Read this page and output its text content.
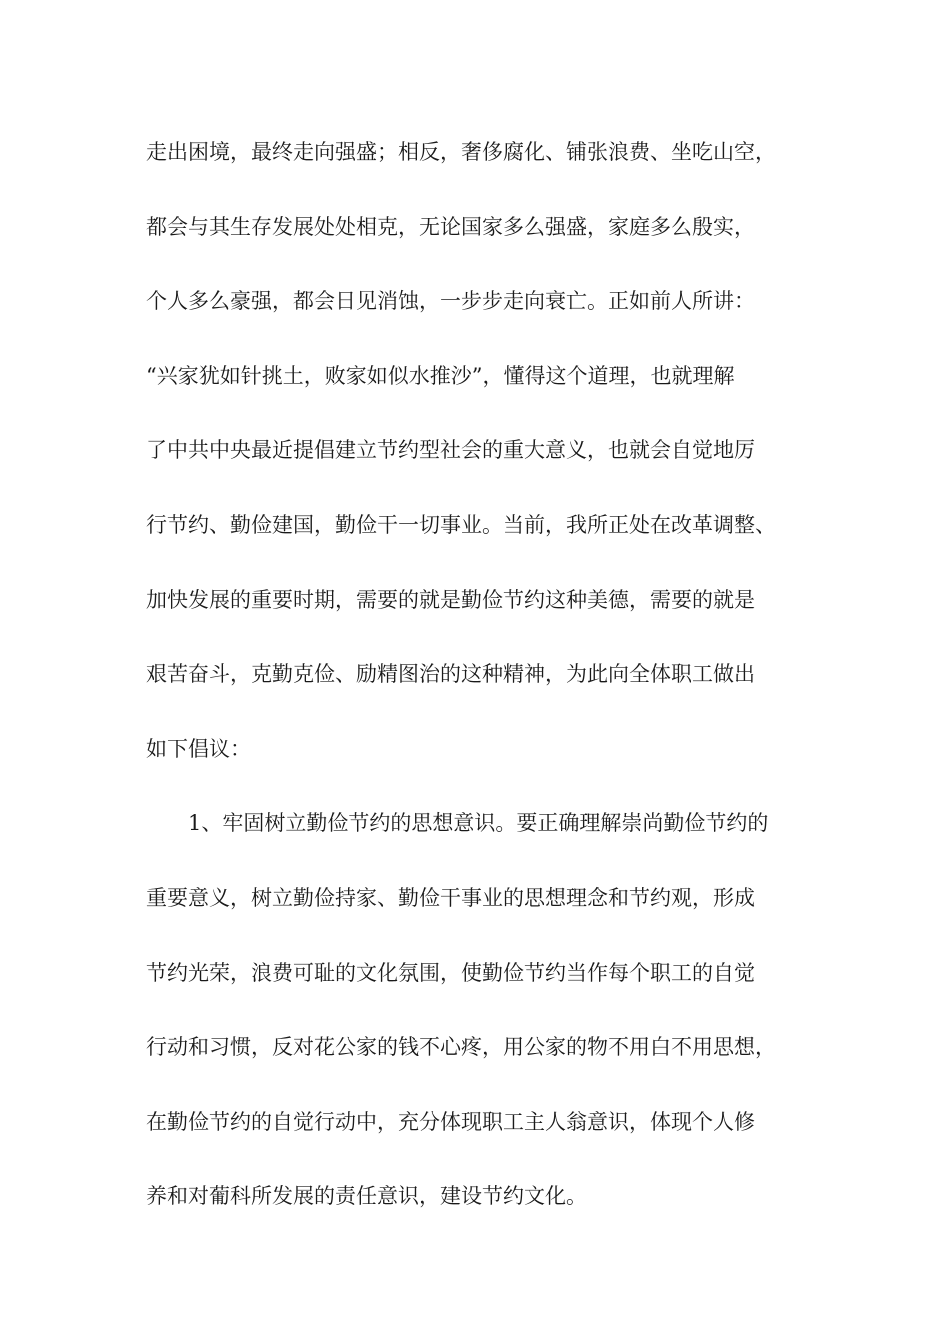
走出困境，最终走向强盛；相反，奢侈腐化、铺张浪费、坐吃山空，
都会与其生存发展处处相克，无论国家多么强盛，家庭多么殷实，
个人多么豪强，都会日见消蚀，一步步走向衰亡。正如前人所讲：
“兴家犹如针挑土，败家如似水推沙”，懂得这个道理，也就理解
了中共中央最近提倡建立节约型社会的重大意义，也就会自觉地厉
行节约、勤俭建国，勤俭干一切事业。当前，我所正处在改革调整、
加快发展的重要时期，需要的就是勤俭节约这种美德，需要的就是
艰苦奋斗，克勤克俭、励精图治的这种精神，为此向全体职工做出
如下倡议：
1、牢固树立勤俭节约的思想意识。要正确理解崇尚勤俭节约的
重要意义，树立勤俭持家、勤俭干事业的思想理念和节约观，形成
节约光荣，浪费可耻的文化氛围，使勤俭节约当作每个职工的自觉
行动和习惯，反对花公家的钱不心疼，用公家的物不用白不用思想，
在勤俭节约的自觉行动中，充分体现职工主人翁意识，体现个人修
养和对葡科所发展的责任意识，建设节约文化。
